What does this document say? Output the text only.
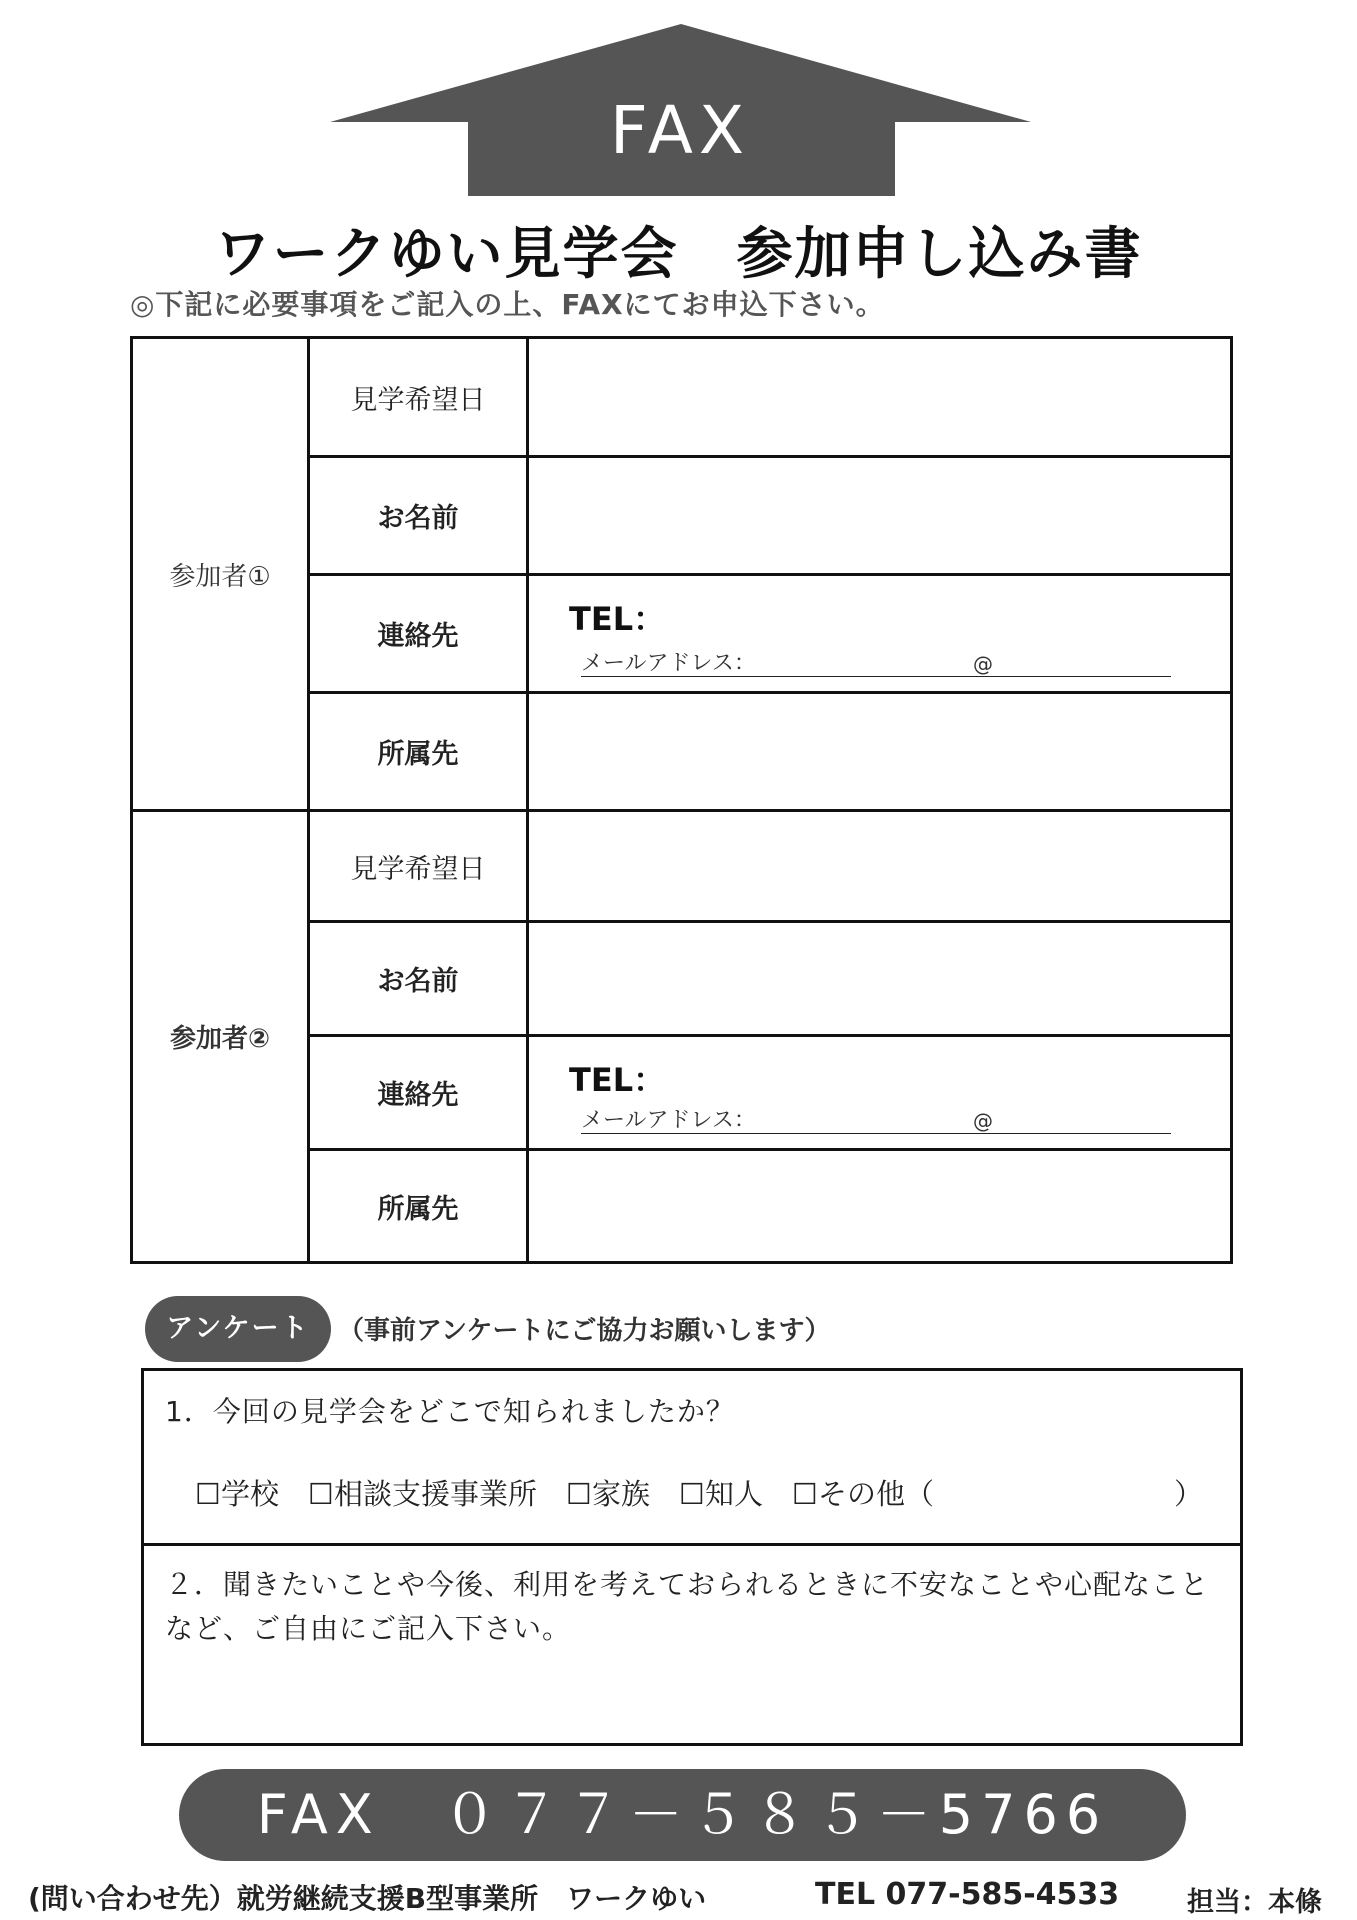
FAX
ワークゆい見学会　参加申し込み書
◎下記に必要事項をご記入の上、FAXにてお申込下さい。
参加者①	見学希望日	
	お名前	
	連絡先	TEL：
メールアドレス： @

	所属先	
参加者②	見学希望日	
	お名前	
	連絡先	TEL：
メールアドレス： @

	所属先	
アンケート	（事前アンケートにご協力お願いします）
1．今回の見学会をどこで知られましたか？
☐学校　☐相談支援事業所　☐家族　☐知人　☐その他（	）
２．聞きたいことや今後、利用を考えておられるときに不安なことや心配なことなど、ご自由にご記入下さい。
FAX　０７７－５８５－5766
(問い合わせ先）就労継続支援B型事業所　ワークゆい	TEL 077-585-4533	担当：本條
